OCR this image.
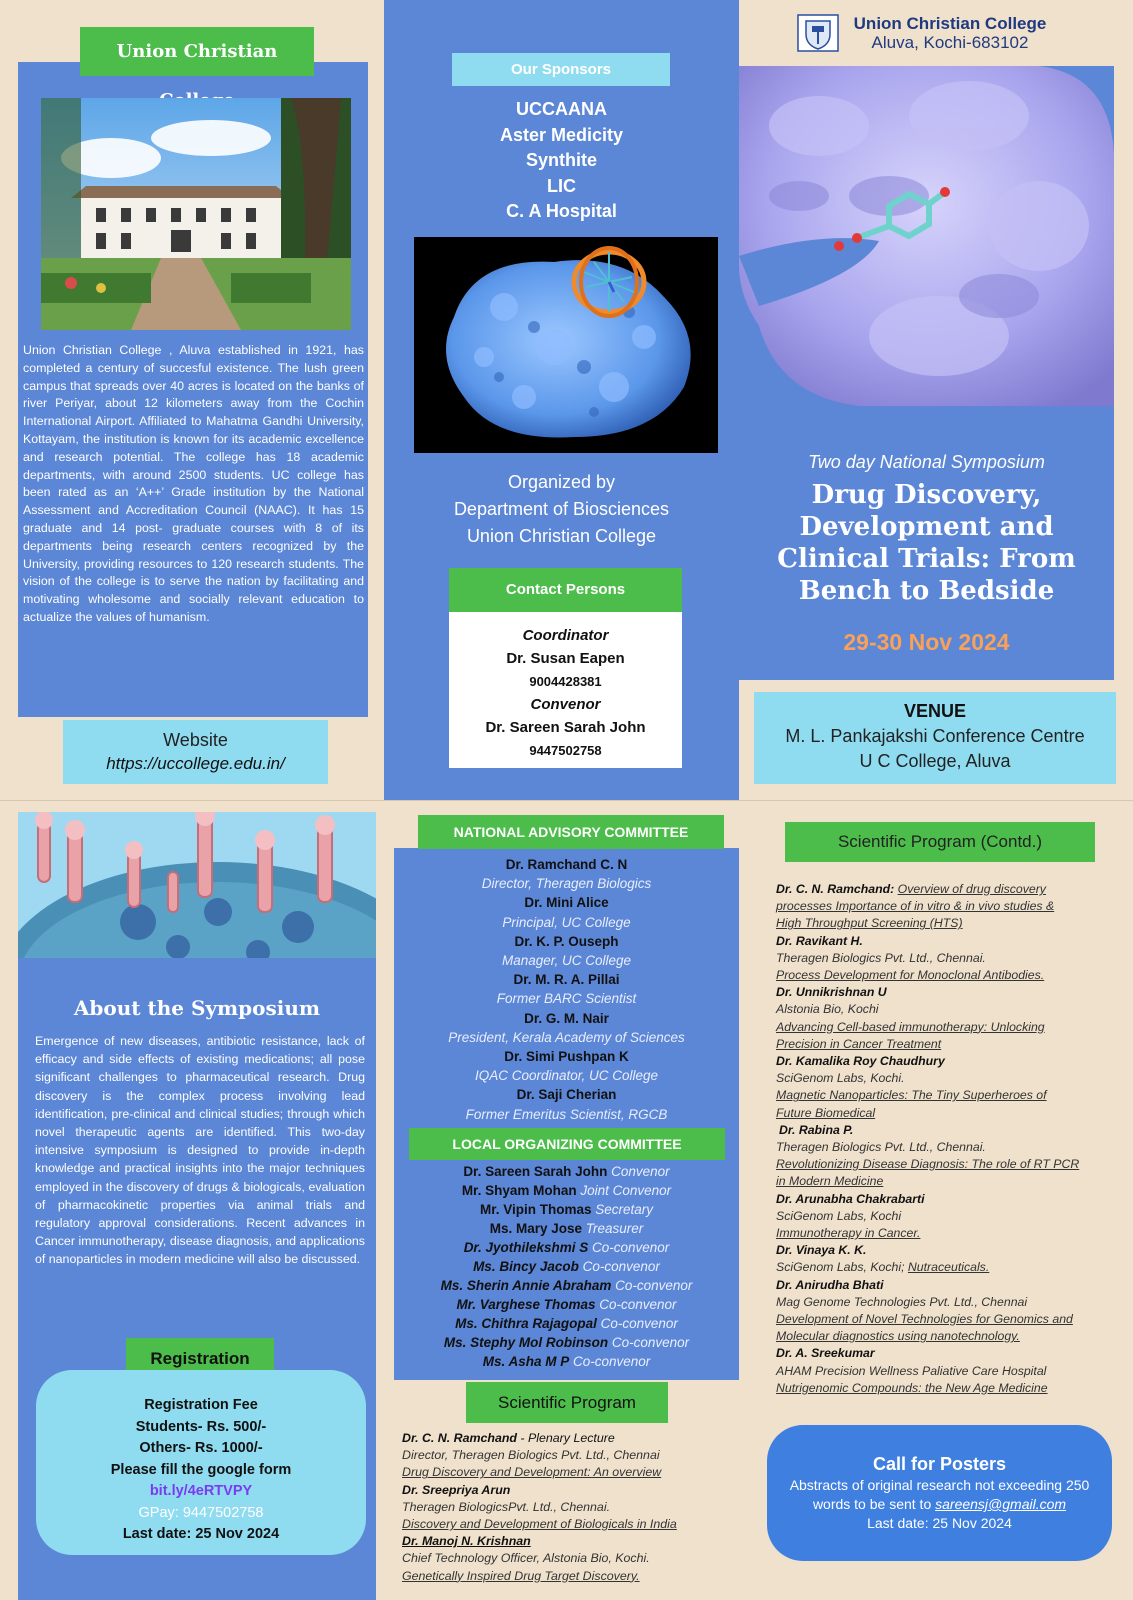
Union Christian

Union Christian College , Aluva established in 1921, has completed a century of succesful existence. The lush green campus that spreads over 40 acres is located on the banks of river Periyar, about 12 kilometers away from the Cochin International Airport. Affiliated to Mahatma Gandhi University, Kottayam, the institution is known for its academic excellence and research potential. The college has 18 academic departments, with around 2500 students. UC college has been rated as an ‘A++’ Grade institution by the National Assessment and Accreditation Council (NAAC). It has 15 graduate and 14 post- graduate courses with 8 of its departments being research centers recognized by the University, providing resources to 120 research students. The vision of the college is to serve the nation by facilitating and motivating wholesome and socially relevant education to actualize the values of humanism.

Website

https://uccollege.edu.in/
Our Sponsors
UCCAANA
Aster Medicity
Synthite
LIC
C. A Hospital
Organized by
Department of Biosciences
Union Christian College
Contact Persons
Coordinator
Dr. Susan Eapen
9004428381
Convenor
Dr. Sareen Sarah John
9447502758
Union Christian College
Aluva, Kochi-683102
Two day National Symposium
Drug Discovery,
Development and
Clinical Trials: From
Bench to Bedside
29-30 Nov 2024
VENUE
M. L. Pankajakshi Conference Centre
U C College, Aluva
About the Symposium

Emergence of new diseases, antibiotic resistance, lack of efficacy and side effects of existing medications; all pose significant challenges to pharmaceutical research. Drug discovery is the complex process involving lead identification, pre-clinical and clinical studies; through which novel therapeutic agents are identified. This two-day intensive symposium is designed to provide in-depth knowledge and practical insights into the major techniques employed in the discovery of drugs & biologicals, evaluation of pharmacokinetic properties via animal trials and regulatory approval considerations. Recent advances in Cancer immunotherapy, disease diagnosis, and applications of nanoparticles in modern medicine will also be discussed.

Registration
Registration Fee
Students- Rs. 500/-
Others- Rs. 1000/-
Please fill the google form
bit.ly/4eRTVPY
GPay: 9447502758
Last date: 25 Nov 2024
NATIONAL ADVISORY COMMITTEE
Dr. Ramchand C. N
Director, Theragen Biologics
Dr. Mini Alice
Principal, UC College
Dr. K. P. Ouseph
Manager, UC College
Dr. M. R. A. Pillai
Former BARC Scientist
Dr. G. M. Nair
President, Kerala Academy of Sciences
Dr. Simi Pushpan K
IQAC Coordinator, UC College
Dr. Saji Cherian
Former Emeritus Scientist, RGCB
LOCAL ORGANIZING COMMITTEE
Dr. Sareen Sarah John Convenor
Mr. Shyam Mohan Joint Convenor
Mr. Vipin Thomas Secretary
Ms. Mary Jose Treasurer
Dr. Jyothilekshmi S Co-convenor
Ms. Bincy Jacob Co-convenor
Ms. Sherin Annie Abraham Co-convenor
Mr. Varghese Thomas Co-convenor
Ms. Chithra Rajagopal Co-convenor
Ms. Stephy Mol Robinson Co-convenor
Ms. Asha M P Co-convenor
Scientific Program

Dr. C. N. Ramchand - Plenary Lecture

Director, Theragen Biologics Pvt. Ltd., Chennai

Drug Discovery and Development: An overview

Dr. Sreepriya Arun

Theragen BiologicsPvt. Ltd., Chennai.

Discovery and Development of Biologicals in India

Dr. Manoj N. Krishnan

Chief Technology Officer, Alstonia Bio, Kochi.

Genetically Inspired Drug Target Discovery.

Scientific Program (Contd.)

Dr. C. N. Ramchand: Overview of drug discovery

processes Importance of in vitro & in vivo studies &

High Throughput Screening (HTS)

Dr. Ravikant H.

Theragen Biologics Pvt. Ltd., Chennai.

Process Development for Monoclonal Antibodies.

Dr. Unnikrishnan U

Alstonia Bio, Kochi

Advancing Cell-based immunotherapy: Unlocking

Precision in Cancer Treatment

Dr. Kamalika Roy Chaudhury

SciGenom Labs, Kochi.

Magnetic Nanoparticles: The Tiny Superheroes of

Future Biomedical

Dr. Rabina P.

Theragen Biologics Pvt. Ltd., Chennai.

Revolutionizing Disease Diagnosis: The role of RT PCR

in Modern Medicine

Dr. Arunabha Chakrabarti

SciGenom Labs, Kochi

Immunotherapy in Cancer.

Dr. Vinaya K. K.

SciGenom Labs, Kochi; Nutraceuticals.

Dr. Anirudha Bhati

Mag Genome Technologies Pvt. Ltd., Chennai

Development of Novel Technologies for Genomics and

Molecular diagnostics using nanotechnology.

Dr. A. Sreekumar

AHAM Precision Wellness Paliative Care Hospital

Nutrigenomic Compounds: the New Age Medicine

Call for Posters
Abstracts of original research not exceeding 250
words to be sent to sareensj@gmail.com
Last date: 25 Nov 2024
